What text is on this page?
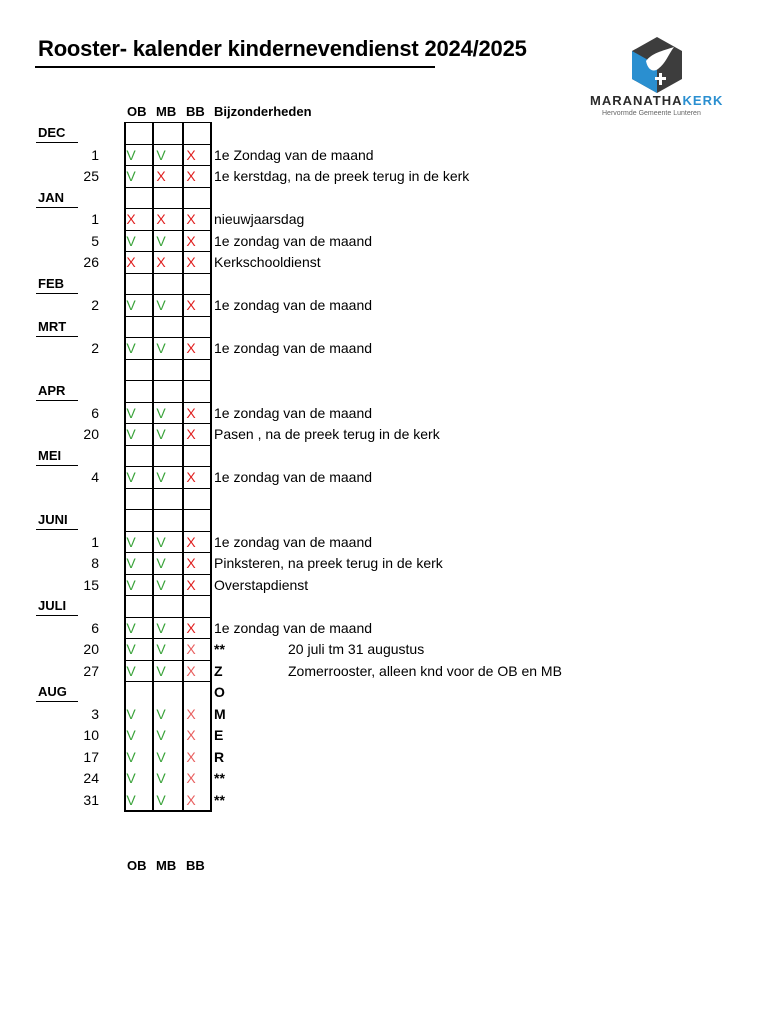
Rooster- kalender kindernevendienst 2024/2025
MARANATHAKERK
Hervormde Gemeente Lunteren
OB MB BB Bijzonderheden
DEC
JAN
FEB
MRT
APR
MEI
JUNI
JULI
AUG
1 V V X 1e Zondag van de maand
25 V X X 1e kerstdag, na de preek terug in de kerk
1 X X X nieuwjaarsdag
5 V V X 1e zondag van de maand
26 X X X Kerkschooldienst
2 V V X 1e zondag van de maand
2 V V X 1e zondag van de maand
6 V V X 1e zondag van de maand
20 V V X Pasen , na de preek terug in de kerk
4 V V X 1e zondag van de maand
1 V V X 1e zondag van de maand
8 V V X Pinksteren, na preek terug in de kerk
15 V V X Overstapdienst
6 V V X 1e zondag van de maand
20 V V X **	20 juli tm 31 augustus
27 V V X Z	Zomerrooster, alleen knd voor de OB en MB
O
3 V V X M
10 V V X E
17 V V X R
24 V V X **
31 V V X **
OB MB BB
